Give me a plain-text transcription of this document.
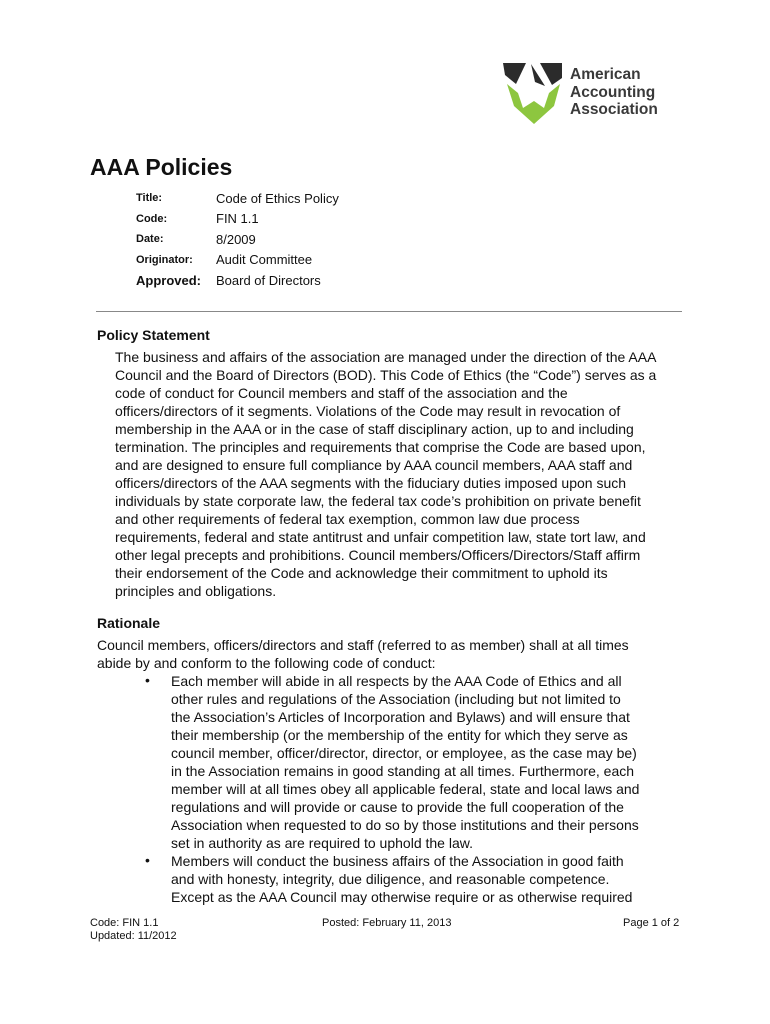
American
Accounting
Association
AAA Policies
Title:	Code of Ethics Policy
Code:	FIN 1.1
Date:	8/2009
Originator:	Audit Committee
Approved:	Board of Directors
Policy Statement
The business and affairs of the association are managed under the direction of the AAA
Council and the Board of Directors (BOD). This Code of Ethics (the “Code”) serves as a
code of conduct for Council members and staff of the association and the
officers/directors of it segments. Violations of the Code may result in revocation of
membership in the AAA or in the case of staff disciplinary action, up to and including
termination. The principles and requirements that comprise the Code are based upon,
and are designed to ensure full compliance by AAA council members, AAA staff and
officers/directors of the AAA segments with the fiduciary duties imposed upon such
individuals by state corporate law, the federal tax code’s prohibition on private benefit
and other requirements of federal tax exemption, common law due process
requirements, federal and state antitrust and unfair competition law, state tort law, and
other legal precepts and prohibitions. Council members/Officers/Directors/Staff affirm
their endorsement of the Code and acknowledge their commitment to uphold its
principles and obligations.
Rationale
Council members, officers/directors and staff (referred to as member) shall at all times
abide by and conform to the following code of conduct:
• Each member will abide in all respects by the AAA Code of Ethics and all
other rules and regulations of the Association (including but not limited to
the Association’s Articles of Incorporation and Bylaws) and will ensure that
their membership (or the membership of the entity for which they serve as
council member, officer/director, director, or employee, as the case may be)
in the Association remains in good standing at all times. Furthermore, each
member will at all times obey all applicable federal, state and local laws and
regulations and will provide or cause to provide the full cooperation of the
Association when requested to do so by those institutions and their persons
set in authority as are required to uphold the law.
• Members will conduct the business affairs of the Association in good faith
and with honesty, integrity, due diligence, and reasonable competence.
Except as the AAA Council may otherwise require or as otherwise required
Code: FIN 1.1
Updated: 11/2012
Posted: February 11, 2013	Page 1 of 2
